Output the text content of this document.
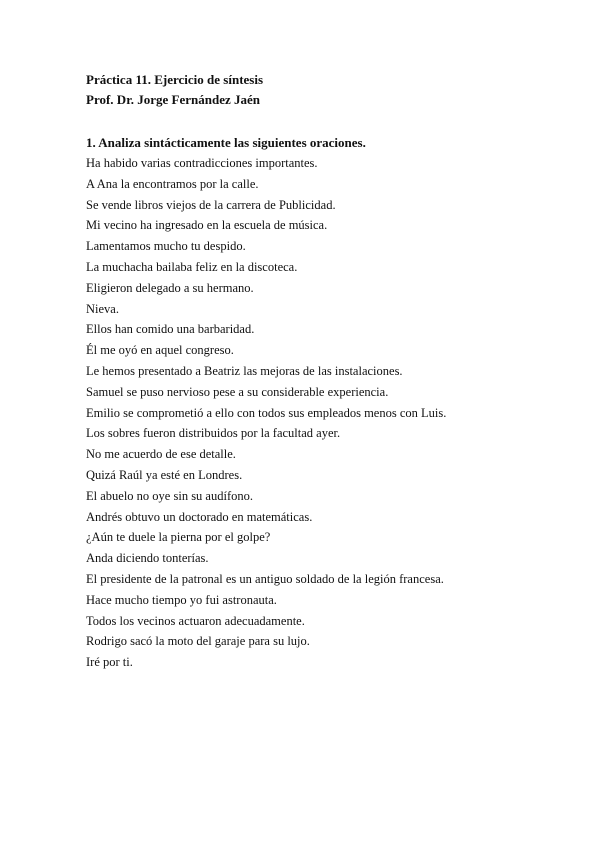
Práctica 11. Ejercicio de síntesis

Prof. Dr. Jorge Fernández Jaén

1. Analiza sintácticamente las siguientes oraciones.

Ha habido varias contradicciones importantes.
A Ana la encontramos por la calle.
Se vende libros viejos de la carrera de Publicidad.
Mi vecino ha ingresado en la escuela de música.
Lamentamos mucho tu despido.
La muchacha bailaba feliz en la discoteca.
Eligieron delegado a su hermano.
Nieva.
Ellos han comido una barbaridad.
Él me oyó en aquel congreso.
Le hemos presentado a Beatriz las mejoras de las instalaciones.
Samuel se puso nervioso pese a su considerable experiencia.
Emilio se comprometió a ello con todos sus empleados menos con Luis.
Los sobres fueron distribuidos por la facultad ayer.
No me acuerdo de ese detalle.
Quizá Raúl ya esté en Londres.
El abuelo no oye sin su audífono.
Andrés obtuvo un doctorado en matemáticas.
¿Aún te duele la pierna por el golpe?
Anda diciendo tonterías.
El presidente de la patronal es un antiguo soldado de la legión francesa.
Hace mucho tiempo yo fui astronauta.
Todos los vecinos actuaron adecuadamente.
Rodrigo sacó la moto del garaje para su lujo.
Iré por ti.
